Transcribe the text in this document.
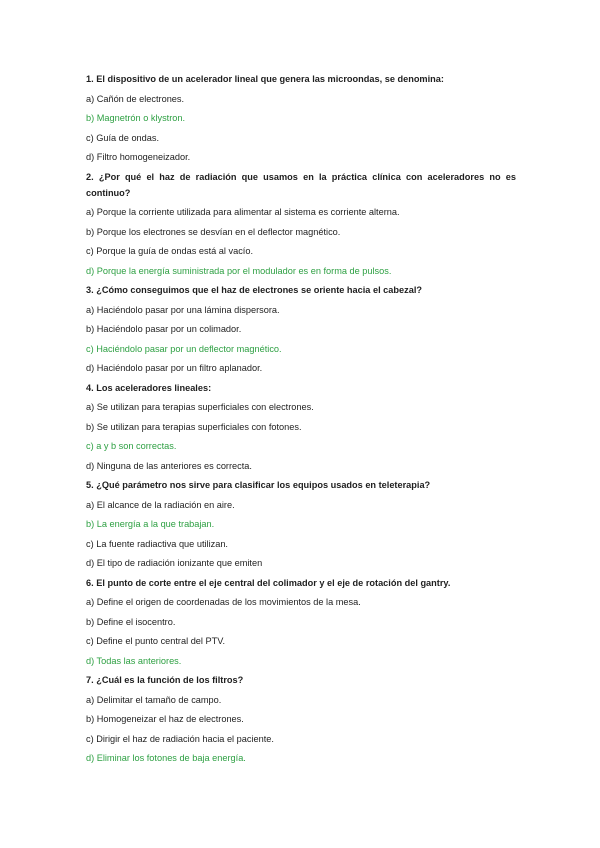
1. El dispositivo de un acelerador lineal que genera las microondas, se denomina:
a) Cañón de electrones.
b) Magnetrón o klystron.
c) Guía de ondas.
d) Filtro homogeneizador.
2. ¿Por qué el haz de radiación que usamos en la práctica clínica con aceleradores no es continuo?
a) Porque la corriente utilizada para alimentar al sistema es corriente alterna.
b) Porque los electrones se desvían en el deflector magnético.
c) Porque la guía de ondas está al vacío.
d) Porque la energía suministrada por el modulador es en forma de pulsos.
3. ¿Cómo conseguimos que el haz de electrones se oriente hacia el cabezal?
a) Haciéndolo pasar por una lámina dispersora.
b) Haciéndolo pasar por un colimador.
c) Haciéndolo pasar por un deflector magnético.
d) Haciéndolo pasar por un filtro aplanador.
4. Los aceleradores lineales:
a) Se utilizan para terapias superficiales con electrones.
b) Se utilizan para terapias superficiales con fotones.
c) a y b son correctas.
d) Ninguna de las anteriores es correcta.
5. ¿Qué parámetro nos sirve para clasificar los equipos usados en teleterapia?
a) El alcance de la radiación en aire.
b) La energía a la que trabajan.
c) La fuente radiactiva que utilizan.
d) El tipo de radiación ionizante que emiten
6. El punto de corte entre el eje central del colimador y el eje de rotación del gantry.
a) Define el origen de coordenadas de los movimientos de la mesa.
b) Define el isocentro.
c) Define el punto central del PTV.
d) Todas las anteriores.
7. ¿Cuál es la función de los filtros?
a) Delimitar el tamaño de campo.
b) Homogeneizar el haz de electrones.
c) Dirigir el haz de radiación hacia el paciente.
d) Eliminar los fotones de baja energía.
